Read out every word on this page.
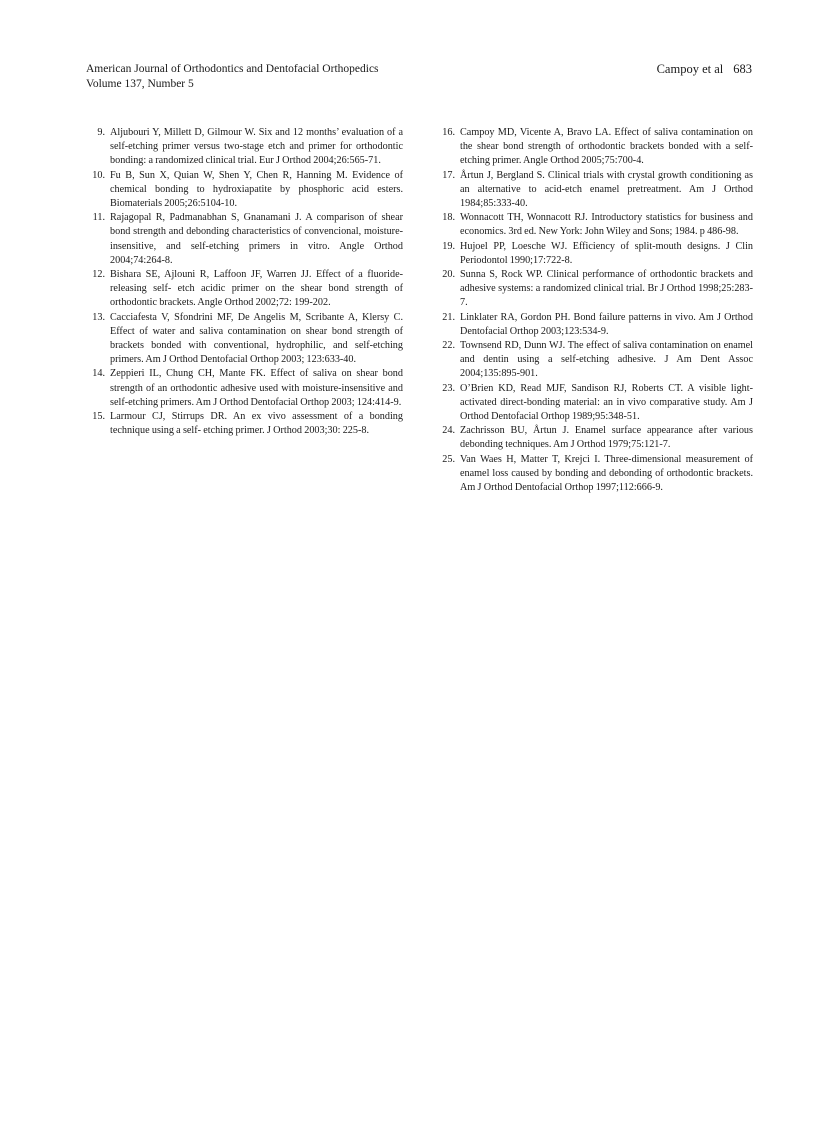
American Journal of Orthodontics and Dentofacial Orthopedics
Volume 137, Number 5
Campoy et al 683
9. Aljubouri Y, Millett D, Gilmour W. Six and 12 months’ evaluation of a self-etching primer versus two-stage etch and primer for orthodontic bonding: a randomized clinical trial. Eur J Orthod 2004;26:565-71.
10. Fu B, Sun X, Quian W, Shen Y, Chen R, Hanning M. Evidence of chemical bonding to hydroxiapatite by phosphoric acid esters. Biomaterials 2005;26:5104-10.
11. Rajagopal R, Padmanabhan S, Gnanamani J. A comparison of shear bond strength and debonding characteristics of convencional, moisture-insensitive, and self-etching primers in vitro. Angle Orthod 2004;74:264-8.
12. Bishara SE, Ajlouni R, Laffoon JF, Warren JJ. Effect of a fluoride-releasing self- etch acidic primer on the shear bond strength of orthodontic brackets. Angle Orthod 2002;72: 199-202.
13. Cacciafesta V, Sfondrini MF, De Angelis M, Scribante A, Klersy C. Effect of water and saliva contamination on shear bond strength of brackets bonded with conventional, hydrophilic, and self-etching primers. Am J Orthod Dentofacial Orthop 2003; 123:633-40.
14. Zeppieri IL, Chung CH, Mante FK. Effect of saliva on shear bond strength of an orthodontic adhesive used with moisture-insensitive and self-etching primers. Am J Orthod Dentofacial Orthop 2003; 124:414-9.
15. Larmour CJ, Stirrups DR. An ex vivo assessment of a bonding technique using a self- etching primer. J Orthod 2003;30: 225-8.
16. Campoy MD, Vicente A, Bravo LA. Effect of saliva contamination on the shear bond strength of orthodontic brackets bonded with a self-etching primer. Angle Orthod 2005;75:700-4.
17. Årtun J, Bergland S. Clinical trials with crystal growth conditioning as an alternative to acid-etch enamel pretreatment. Am J Orthod 1984;85:333-40.
18. Wonnacott TH, Wonnacott RJ. Introductory statistics for business and economics. 3rd ed. New York: John Wiley and Sons; 1984. p 486-98.
19. Hujoel PP, Loesche WJ. Efficiency of split-mouth designs. J Clin Periodontol 1990;17:722-8.
20. Sunna S, Rock WP. Clinical performance of orthodontic brackets and adhesive systems: a randomized clinical trial. Br J Orthod 1998;25:283-7.
21. Linklater RA, Gordon PH. Bond failure patterns in vivo. Am J Orthod Dentofacial Orthop 2003;123:534-9.
22. Townsend RD, Dunn WJ. The effect of saliva contamination on enamel and dentin using a self-etching adhesive. J Am Dent Assoc 2004;135:895-901.
23. O’Brien KD, Read MJF, Sandison RJ, Roberts CT. A visible light-activated direct-bonding material: an in vivo comparative study. Am J Orthod Dentofacial Orthop 1989;95:348-51.
24. Zachrisson BU, Årtun J. Enamel surface appearance after various debonding techniques. Am J Orthod 1979;75:121-7.
25. Van Waes H, Matter T, Krejci I. Three-dimensional measurement of enamel loss caused by bonding and debonding of orthodontic brackets. Am J Orthod Dentofacial Orthop 1997;112:666-9.
